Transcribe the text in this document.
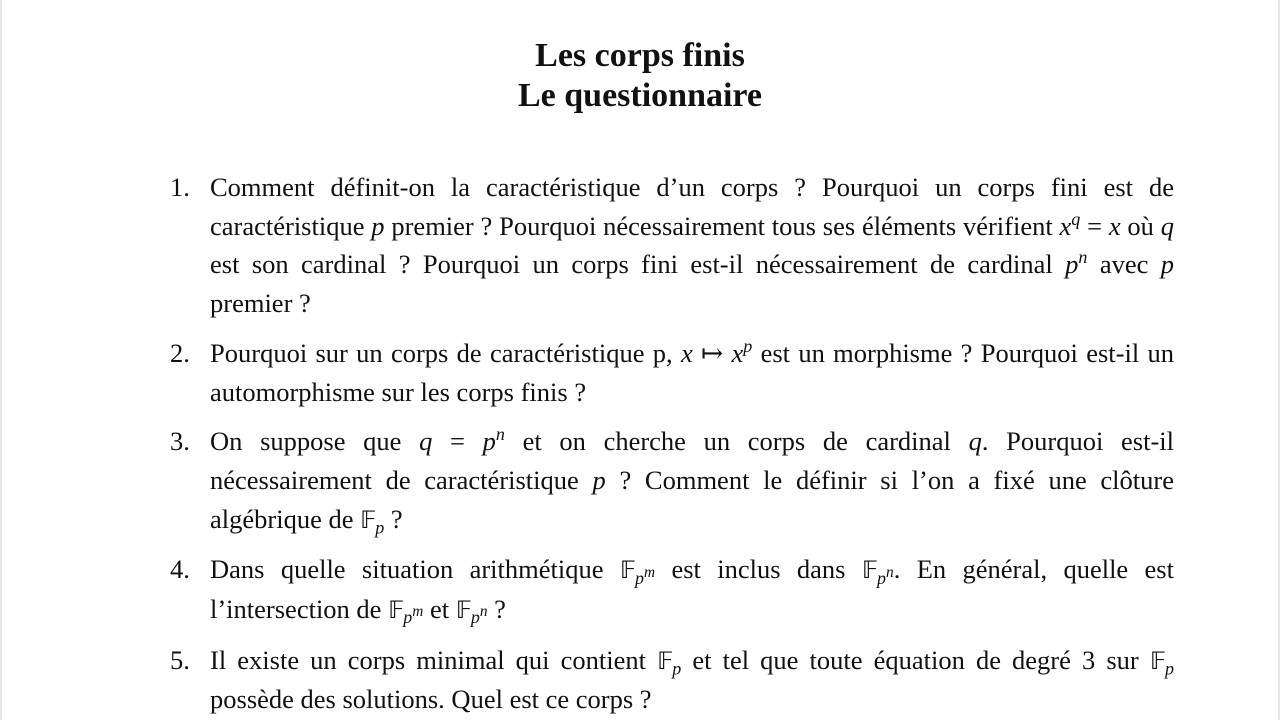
Les corps finis
Le questionnaire
1. Comment définit-on la caractéristique d’un corps ? Pourquoi un corps fini est de caractéristique p premier ? Pourquoi nécessairement tous ses éléments vérifient $x^q = x$ où q est son cardinal ? Pourquoi un corps fini est-il nécessairement de cardinal $p^n$ avec p premier ?
2. Pourquoi sur un corps de caractéristique p, x ↦ $x^p$ est un morphisme ? Pourquoi est-il un automorphisme sur les corps finis ?
3. On suppose que $q = p^n$ et on cherche un corps de cardinal q. Pourquoi est-il nécessairement de caractéristique p ? Comment le définir si l’on a fixé une clôture algébrique de 𝔽$_p$ ?
4. Dans quelle situation arithmétique 𝔽$_{p^m}$ est inclus dans 𝔽$_{p^n}$. En général, quelle est l’intersection de 𝔽$_{p^m}$ et 𝔽$_{p^n}$ ?
5. Il existe un corps minimal qui contient 𝔽$_p$ et tel que toute équation de degré 3 sur 𝔽$_p$ possède des solutions. Quel est ce corps ?
